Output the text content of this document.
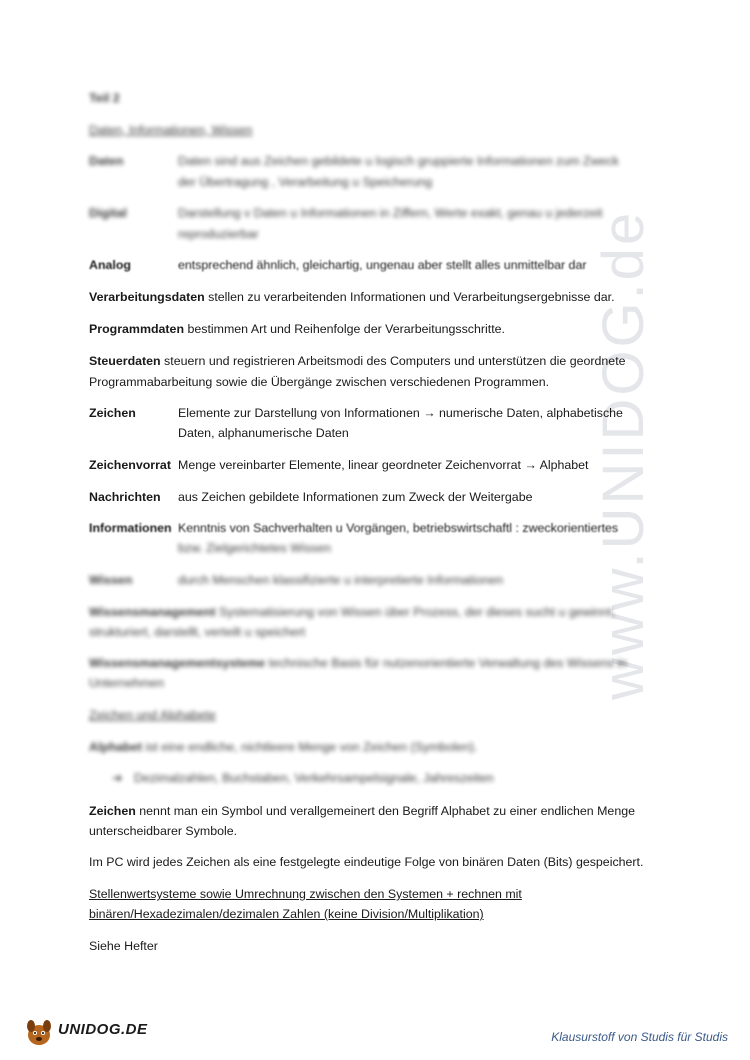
www.UNIDOG.de
Teil 2
Daten, Informationen, Wissen
Daten	Daten sind aus Zeichen gebildete u logisch gruppierte Informationen zum Zweck
der Übertragung , Verarbeitung u Speicherung
Digital	Darstellung v Daten u Informationen in Ziffern, Werte exakt, genau u jederzeit
reproduzierbar
Analog	entsprechend ähnlich, gleichartig, ungenau aber stellt alles unmittelbar dar
Verarbeitungsdaten stellen zu verarbeitenden Informationen und Verarbeitungsergebnisse dar.
Programmdaten bestimmen Art und Reihenfolge der Verarbeitungsschritte.
Steuerdaten steuern und registrieren Arbeitsmodi des Computers und unterstützen die geordnete
Programmabarbeitung sowie die Übergänge zwischen verschiedenen Programmen.
Zeichen	Elemente zur Darstellung von Informationen → numerische Daten, alphabetische
Daten, alphanumerische Daten
Zeichenvorrat Menge vereinbarter Elemente, linear geordneter Zeichenvorrat → Alphabet
Nachrichten aus Zeichen gebildete Informationen zum Zweck der Weitergabe
Informationen Kenntnis von Sachverhalten u Vorgängen, betriebswirtschaftl : zweckorientiertes
bzw. Zielgerichtetes Wissen
Wissen	durch Menschen klassifizierte u interpretierte Informationen
Wissensmanagement Systematisierung von Wissen über Prozess, der dieses sucht u gewinnt,
strukturiert, darstellt, verteilt u speichert
Wissensmanagementsysteme technische Basis für nutzenorientierte Verwaltung des Wissens in
Unternehmen
Zeichen und Alphabete
Alphabet ist eine endliche, nichtleere Menge von Zeichen (Symbolen).
➔ Dezimalzahlen, Buchstaben, Verkehrsampelsignale, Jahreszeiten
Zeichen nennt man ein Symbol und verallgemeinert den Begriff Alphabet zu einer endlichen Menge
unterscheidbarer Symbole.
Im PC wird jedes Zeichen als eine festgelegte eindeutige Folge von binären Daten (Bits) gespeichert.
Stellenwertsysteme sowie Umrechnung zwischen den Systemen + rechnen mit
binären/Hexadezimalen/dezimalen Zahlen (keine Division/Multiplikation)
Siehe Hefter
UNIDOG.DE	Klausurstoff von Studis für Studis
